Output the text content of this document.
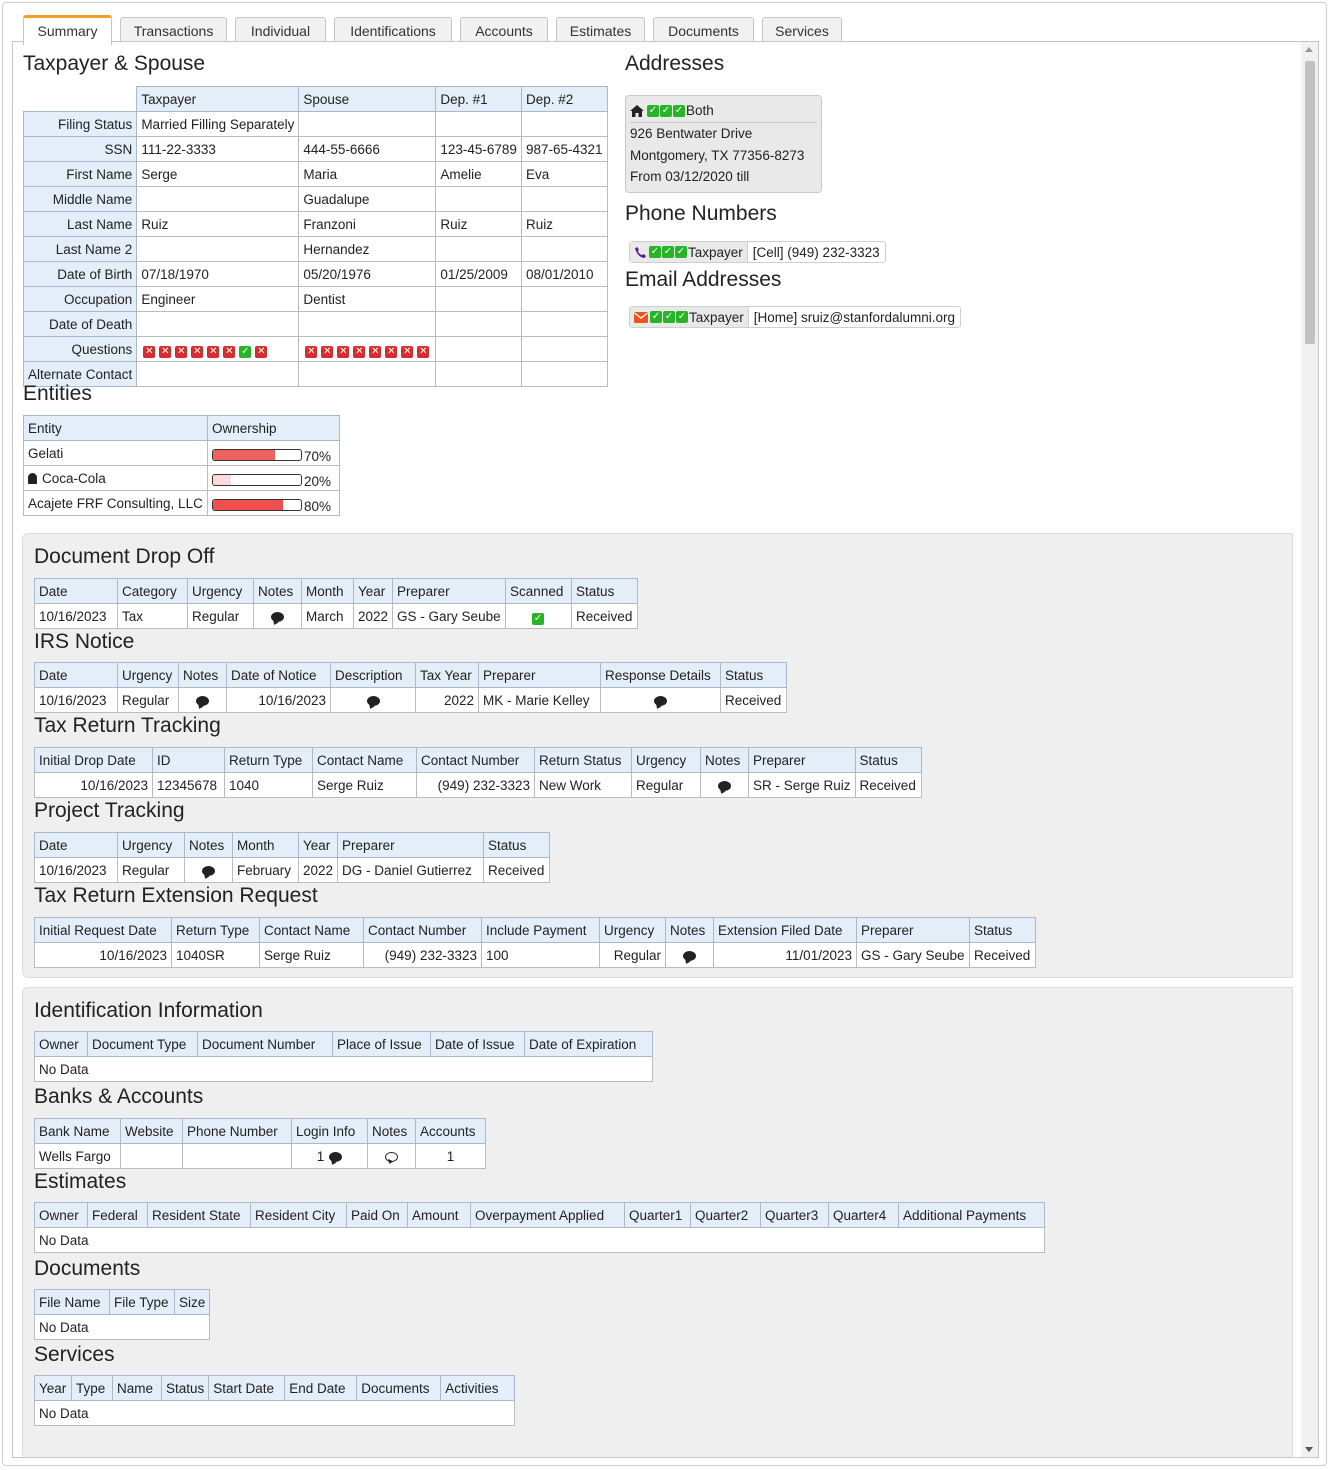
Summary	Transactions	Individual	Identifications	Accounts	Estimates	Documents	Services
Taxpayer & Spouse
	Taxpayer	Spouse	Dep. #1	Dep. #2
Filing Status	Married Filling Separately			
SSN	111-22-3333	444-55-6666	123-45-6789	987-65-4321
First Name	Serge	Maria	Amelie	Eva
Middle Name		Guadalupe		
Last Name	Ruiz	Franzoni	Ruiz	Ruiz
Last Name 2		Hernandez		
Date of Birth	07/18/1970	05/20/1976	01/25/2009	08/01/2010
Occupation	Engineer	Dentist		
Date of Death				
Questions	✕ ✕ ✕ ✕ ✕ ✕ ✓ ✕	✕ ✕ ✕ ✕ ✕ ✕ ✕ ✕		
Alternate Contact				
Entities
Entity	Ownership
Gelati	70%
Coca-Cola	20%
Acajete FRF Consulting, LLC	80%
Addresses
✓ ✓ ✓ Both
926 Bentwater Drive
Montgomery, TX 77356-8273
From 03/12/2020 till
Phone Numbers
✓ ✓ ✓ Taxpayer [Cell] (949) 232-3323
Email Addresses
✓ ✓ ✓ Taxpayer [Home] sruiz@stanfordalumni.org
Document Drop Off
Date	Category	Urgency	Notes	Month	Year	Preparer	Scanned	Status
10/16/2023	Tax	Regular		March	2022	GS - Gary Seube	✓	Received
IRS Notice
Date	Urgency	Notes	Date of Notice	Description	Tax Year	Preparer	Response Details	Status
10/16/2023	Regular		10/16/2023		2022	MK - Marie Kelley		Received
Tax Return Tracking
Initial Drop Date	ID	Return Type	Contact Name	Contact Number	Return Status	Urgency	Notes	Preparer	Status
10/16/2023	12345678	1040	Serge Ruiz	(949) 232-3323	New Work	Regular		SR - Serge Ruiz	Received
Project Tracking
Date	Urgency	Notes	Month	Year	Preparer	Status
10/16/2023	Regular		February	2022	DG - Daniel Gutierrez	Received
Tax Return Extension Request
Initial Request Date	Return Type	Contact Name	Contact Number	Include Payment	Urgency	Notes	Extension Filed Date	Preparer	Status
10/16/2023	1040SR	Serge Ruiz	(949) 232-3323	100	Regular		11/01/2023	GS - Gary Seube	Received
Identification Information
Owner	Document Type	Document Number	Place of Issue	Date of Issue	Date of Expiration
No Data
Banks & Accounts
Bank Name	Website	Phone Number	Login Info	Notes	Accounts
Wells Fargo			1		1
Estimates
Owner	Federal	Resident State	Resident City	Paid On	Amount	Overpayment Applied	Quarter1	Quarter2	Quarter3	Quarter4	Additional Payments
No Data
Documents
File Name	File Type	Size
No Data
Services
Year	Type	Name	Status	Start Date	End Date	Documents	Activities
No Data
